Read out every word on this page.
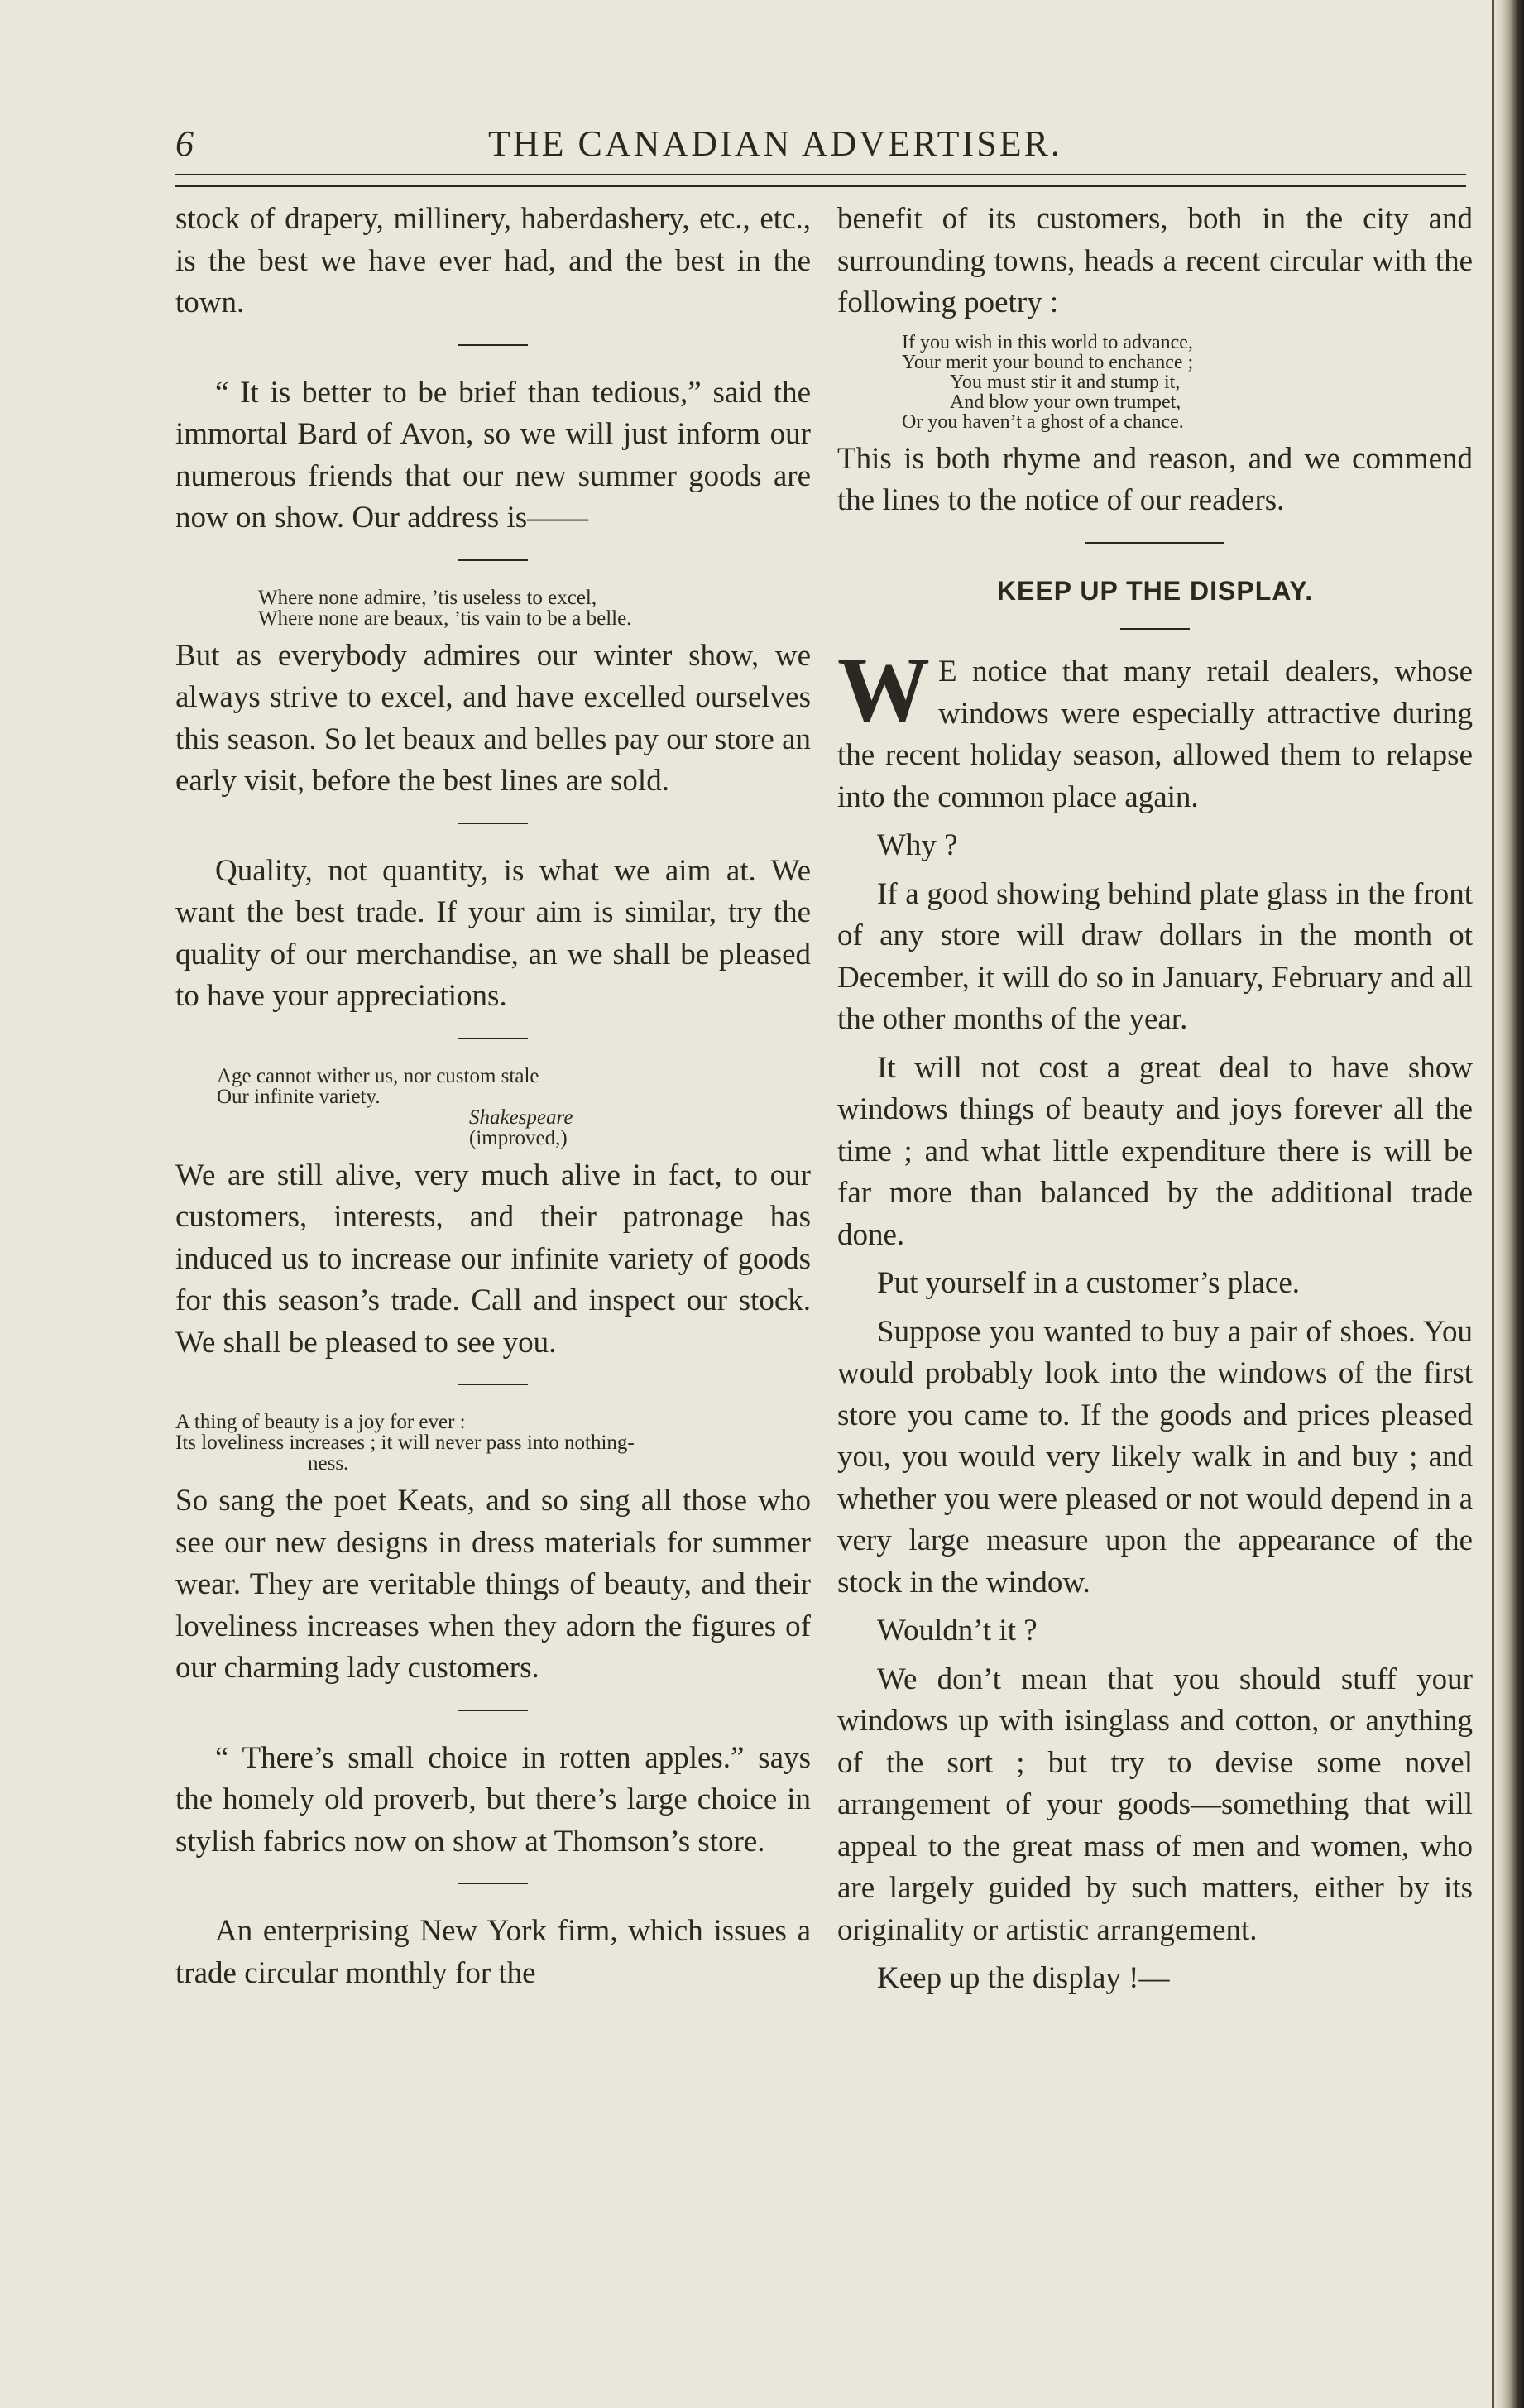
6	THE CANADIAN ADVERTISER.

stock of drapery, millinery, haberdashery, etc., etc., is the best we have ever had, and the best in the town.

“ It is better to be brief than tedious,” said the immortal Bard of Avon, so we will just inform our numerous friends that our new summer goods are now on show. Our address is——

Where none admire, ’tis useless to excel,
Where none are beaux, ’tis vain to be a belle.

But as everybody admires our winter show, we always strive to excel, and have excelled ourselves this season. So let beaux and belles pay our store an early visit, before the best lines are sold.

Quality, not quantity, is what we aim at. We want the best trade. If your aim is similar, try the quality of our merchandise, an we shall be pleased to have your appreciations.

Age cannot wither us, nor custom stale
Our infinite variety.
Shakespeare
(improved,)

We are still alive, very much alive in fact, to our customers, interests, and their patronage has induced us to increase our infinite variety of goods for this season’s trade. Call and inspect our stock. We shall be pleased to see you.

A thing of beauty is a joy for ever :
Its loveliness increases ; it will never pass into nothing-
ness.

So sang the poet Keats, and so sing all those who see our new designs in dress materials for summer wear. They are veritable things of beauty, and their loveliness increases when they adorn the figures of our charming lady customers.

“ There’s small choice in rotten apples.” says the homely old proverb, but there’s large choice in stylish fabrics now on show at Thomson’s store.

An enterprising New York firm, which issues a trade circular monthly for the

benefit of its customers, both in the city and surrounding towns, heads a recent circular with the following poetry :

If you wish in this world to advance,
Your merit your bound to enchance ;
You must stir it and stump it,
And blow your own trumpet,
Or you haven’t a ghost of a chance.

This is both rhyme and reason, and we commend the lines to the notice of our readers.

KEEP UP THE DISPLAY.

W E notice that many retail dealers, whose windows were especially attractive during the recent holiday season, allowed them to relapse into the common place again.

Why ?

If a good showing behind plate glass in the front of any store will draw dollars in the month ot December, it will do so in January, February and all the other months of the year.

It will not cost a great deal to have show windows things of beauty and joys forever all the time ; and what little expenditure there is will be far more than balanced by the additional trade done.

Put yourself in a customer’s place.

Suppose you wanted to buy a pair of shoes. You would probably look into the windows of the first store you came to. If the goods and prices pleased you, you would very likely walk in and buy ; and whether you were pleased or not would depend in a very large measure upon the appearance of the stock in the window.

Wouldn’t it ?

We don’t mean that you should stuff your windows up with isinglass and cotton, or anything of the sort ; but try to devise some novel arrangement of your goods—something that will appeal to the great mass of men and women, who are largely guided by such matters, either by its originality or artistic arrangement.

Keep up the display !—
